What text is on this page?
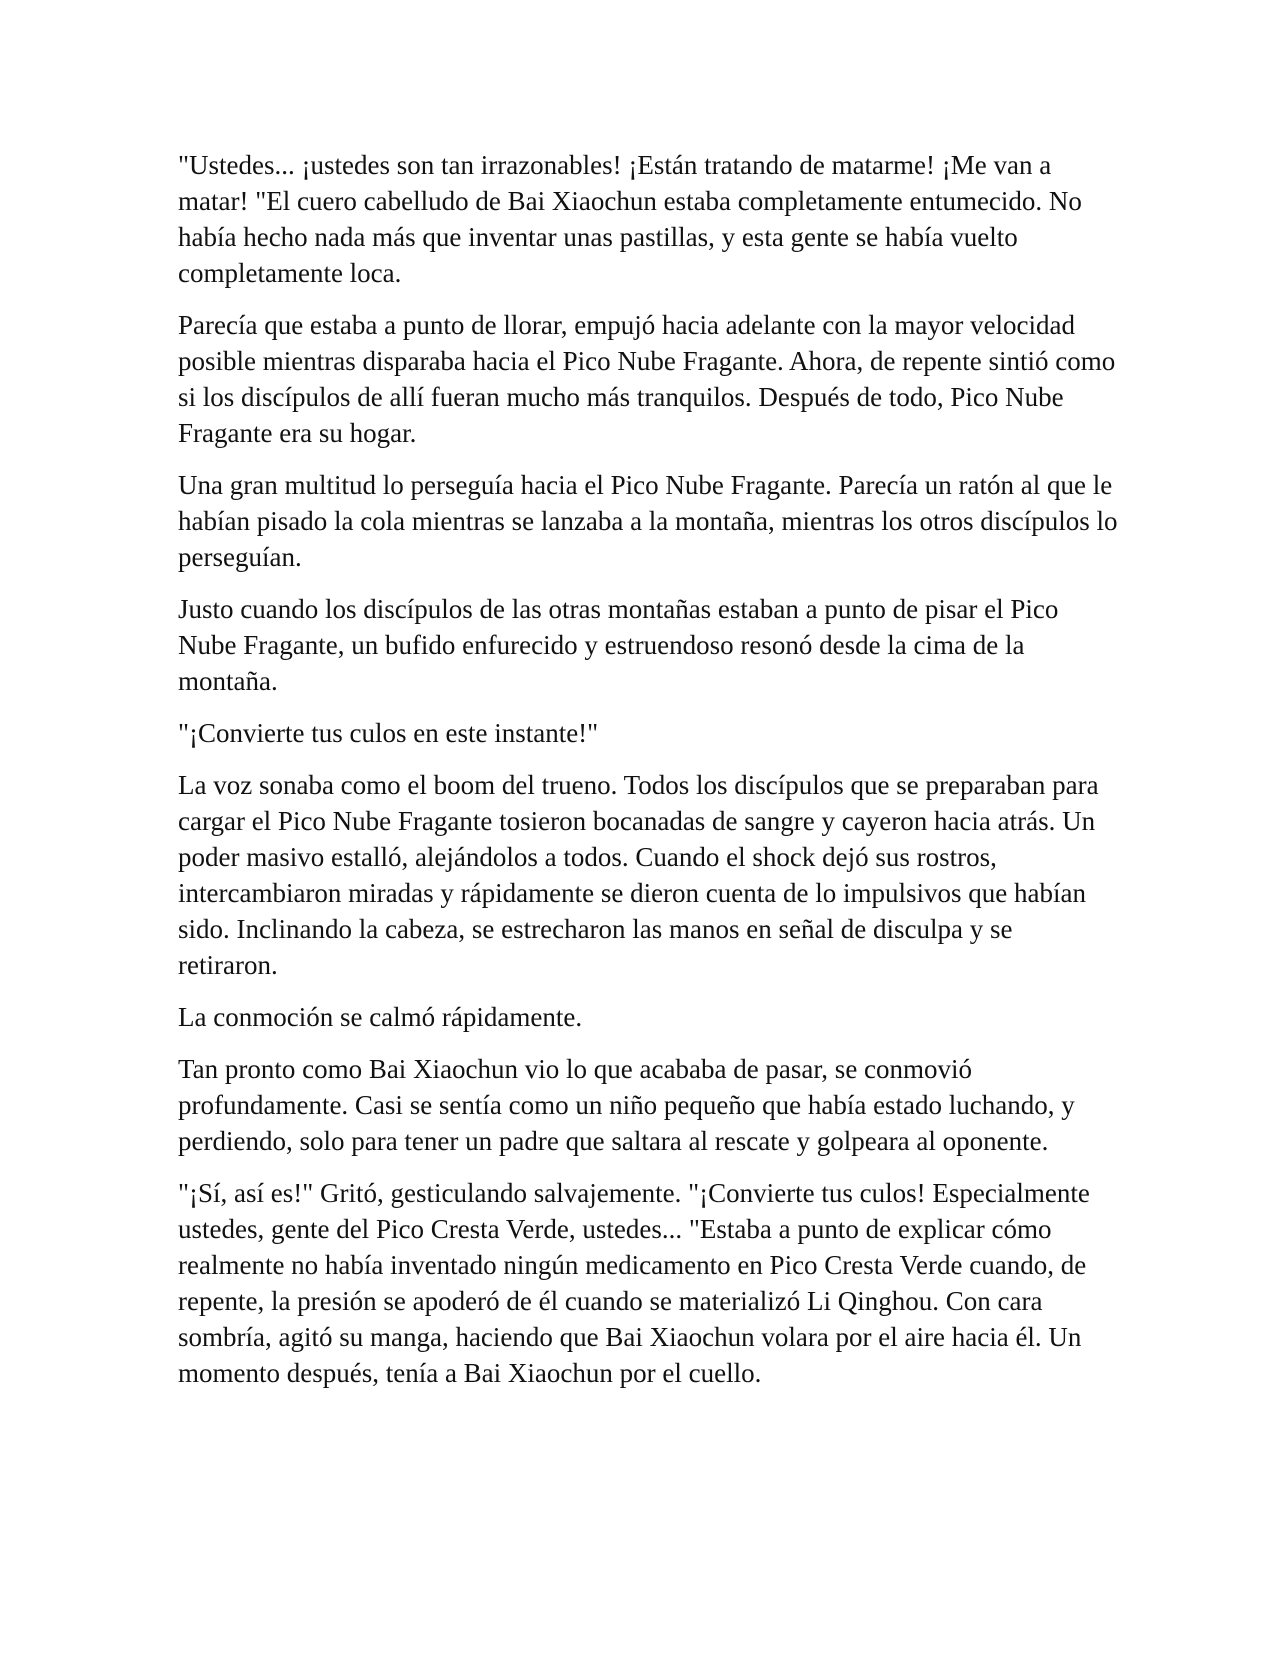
"Ustedes... ¡ustedes son tan irrazonables! ¡Están tratando de matarme! ¡Me van a matar! "El cuero cabelludo de Bai Xiaochun estaba completamente entumecido. No había hecho nada más que inventar unas pastillas, y esta gente se había vuelto completamente loca.

Parecía que estaba a punto de llorar, empujó hacia adelante con la mayor velocidad posible mientras disparaba hacia el Pico Nube Fragante. Ahora, de repente sintió como si los discípulos de allí fueran mucho más tranquilos. Después de todo, Pico Nube Fragante era su hogar.

Una gran multitud lo perseguía hacia el Pico Nube Fragante. Parecía un ratón al que le habían pisado la cola mientras se lanzaba a la montaña, mientras los otros discípulos lo perseguían.

Justo cuando los discípulos de las otras montañas estaban a punto de pisar el Pico Nube Fragante, un bufido enfurecido y estruendoso resonó desde la cima de la montaña.

"¡Convierte tus culos en este instante!"

La voz sonaba como el boom del trueno. Todos los discípulos que se preparaban para cargar el Pico Nube Fragante tosieron bocanadas de sangre y cayeron hacia atrás. Un poder masivo estalló, alejándolos a todos. Cuando el shock dejó sus rostros, intercambiaron miradas y rápidamente se dieron cuenta de lo impulsivos que habían sido. Inclinando la cabeza, se estrecharon las manos en señal de disculpa y se retiraron.

La conmoción se calmó rápidamente.

Tan pronto como Bai Xiaochun vio lo que acababa de pasar, se conmovió profundamente. Casi se sentía como un niño pequeño que había estado luchando, y perdiendo, solo para tener un padre que saltara al rescate y golpeara al oponente.

"¡Sí, así es!" Gritó, gesticulando salvajemente. "¡Convierte tus culos! Especialmente ustedes, gente del Pico Cresta Verde, ustedes... "Estaba a punto de explicar cómo realmente no había inventado ningún medicamento en Pico Cresta Verde cuando, de repente, la presión se apoderó de él cuando se materializó Li Qinghou. Con cara sombría, agitó su manga, haciendo que Bai Xiaochun volara por el aire hacia él. Un momento después, tenía a Bai Xiaochun por el cuello.
